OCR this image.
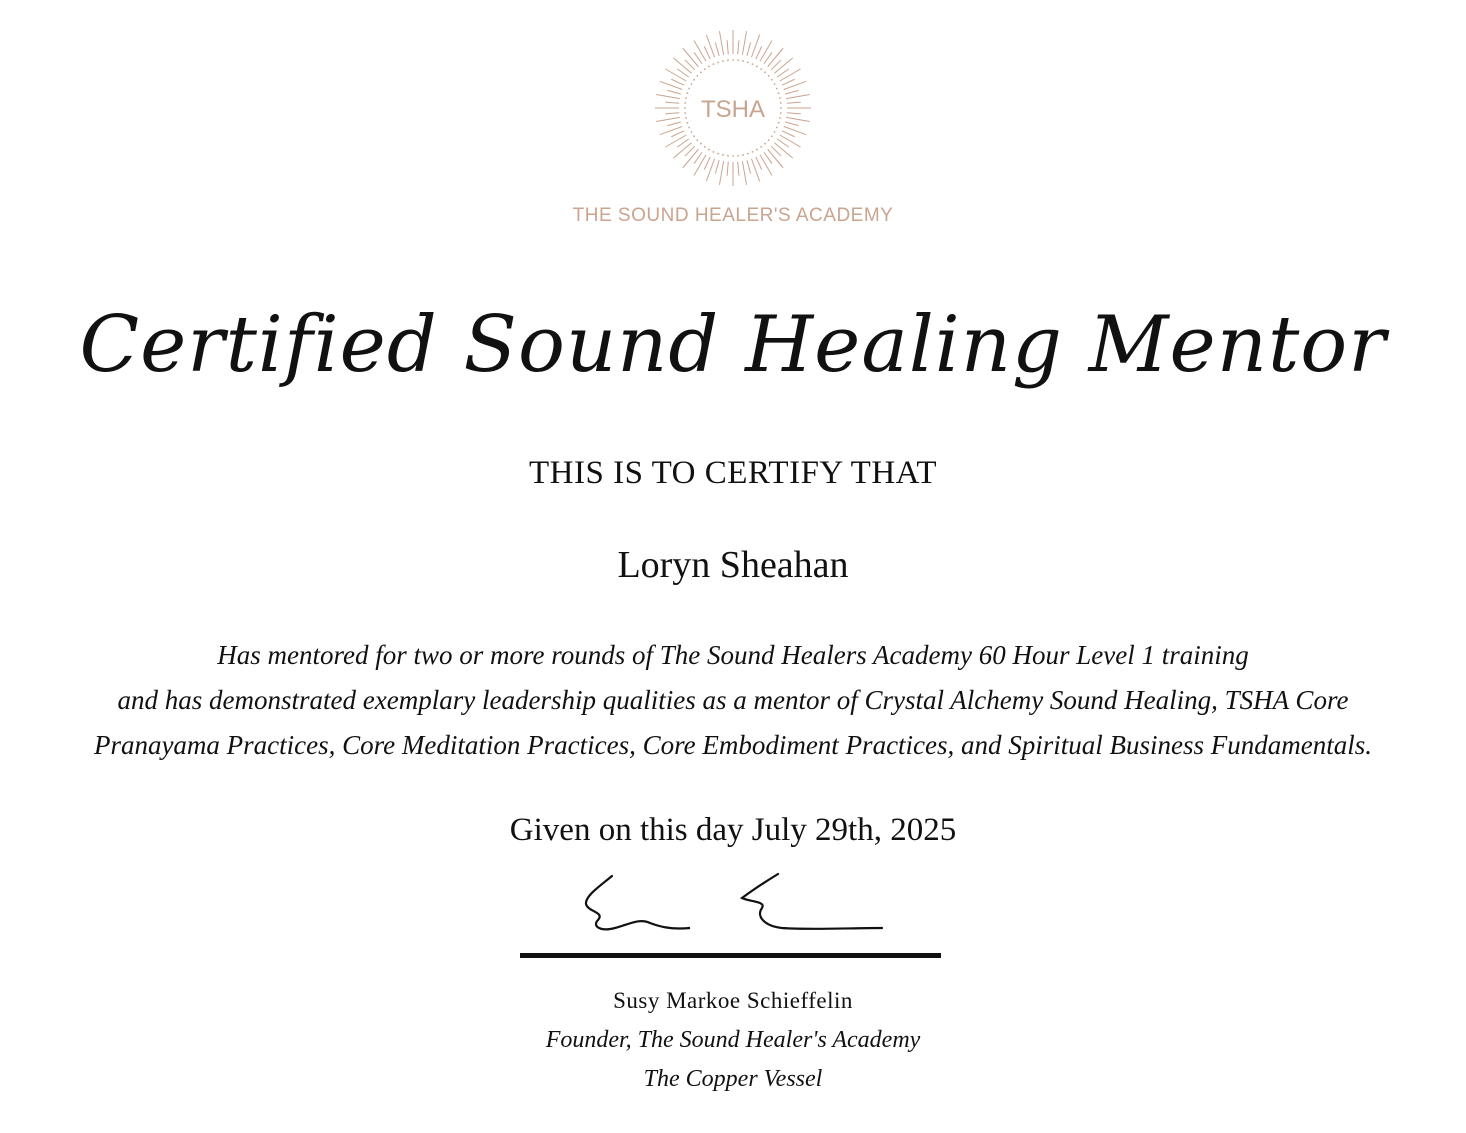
TSHA
THE SOUND HEALER'S ACADEMY
Certified Sound Healing Mentor
THIS IS TO CERTIFY THAT
Loryn Sheahan
Has mentored for two or more rounds of The Sound Healers Academy 60 Hour Level 1 training
and has demonstrated exemplary leadership qualities as a mentor of Crystal Alchemy Sound Healing, TSHA Core
Pranayama Practices, Core Meditation Practices, Core Embodiment Practices, and Spiritual Business Fundamentals.
Given on this day July 29th, 2025
Susy Markoe Schieffelin
Founder, The Sound Healer's Academy
The Copper Vessel
